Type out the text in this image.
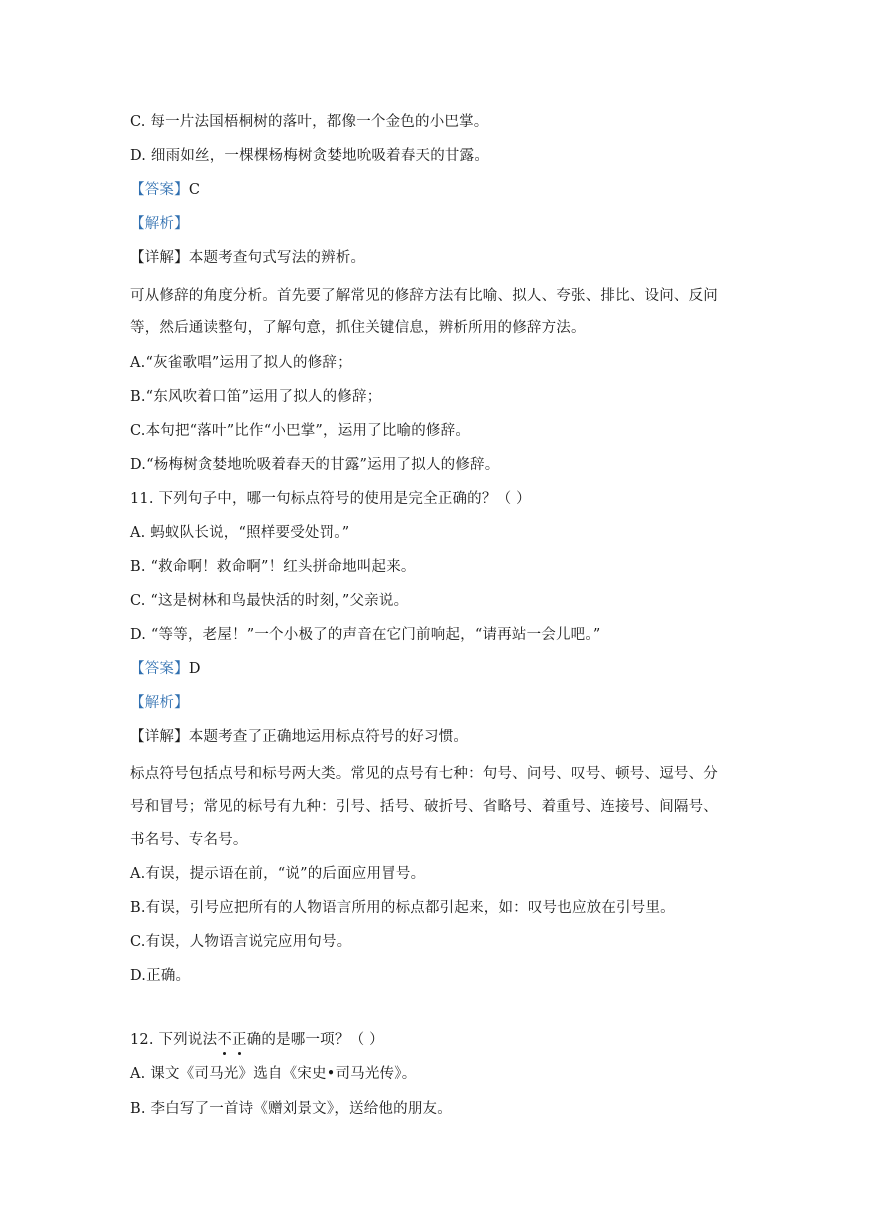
C. 每一片法国梧桐树的落叶，都像一个金色的小巴掌。
D. 细雨如丝，一棵棵杨梅树贪婪地吮吸着春天的甘露。
【答案】C
【解析】
【详解】本题考查句式写法的辨析。
可从修辞的角度分析。首先要了解常见的修辞方法有比喻、拟人、夸张、排比、设问、反问
等，然后通读整句，了解句意，抓住关键信息，辨析所用的修辞方法。
A.“灰雀歌唱”运用了拟人的修辞；
B.“东风吹着口笛”运用了拟人的修辞；
C.本句把“落叶”比作“小巴掌”，运用了比喻的修辞。
D.“杨梅树贪婪地吮吸着春天的甘露”运用了拟人的修辞。
11. 下列句子中，哪一句标点符号的使用是完全正确的？（ ）
A. 蚂蚁队长说，“照样要受处罚。”
B. “救命啊！救命啊”！红头拼命地叫起来。
C. “这是树林和鸟最快活的时刻，”父亲说。
D. “等等，老屋！”一个小极了的声音在它门前响起，“请再站一会儿吧。”
【答案】D
【解析】
【详解】本题考查了正确地运用标点符号的好习惯。
标点符号包括点号和标号两大类。常见的点号有七种：句号、问号、叹号、顿号、逗号、分
号和冒号；常见的标号有九种：引号、括号、破折号、省略号、着重号、连接号、间隔号、
书名号、专名号。
A.有误，提示语在前，“说”的后面应用冒号。
B.有误，引号应把所有的人物语言所用的标点都引起来，如：叹号也应放在引号里。
C.有误，人物语言说完应用句号。
D.正确。
12. 下列说法不正确的是哪一项？（ ）
A. 课文《司马光》选自《宋史•司马光传》。
B. 李白写了一首诗《赠刘景文》，送给他的朋友。
